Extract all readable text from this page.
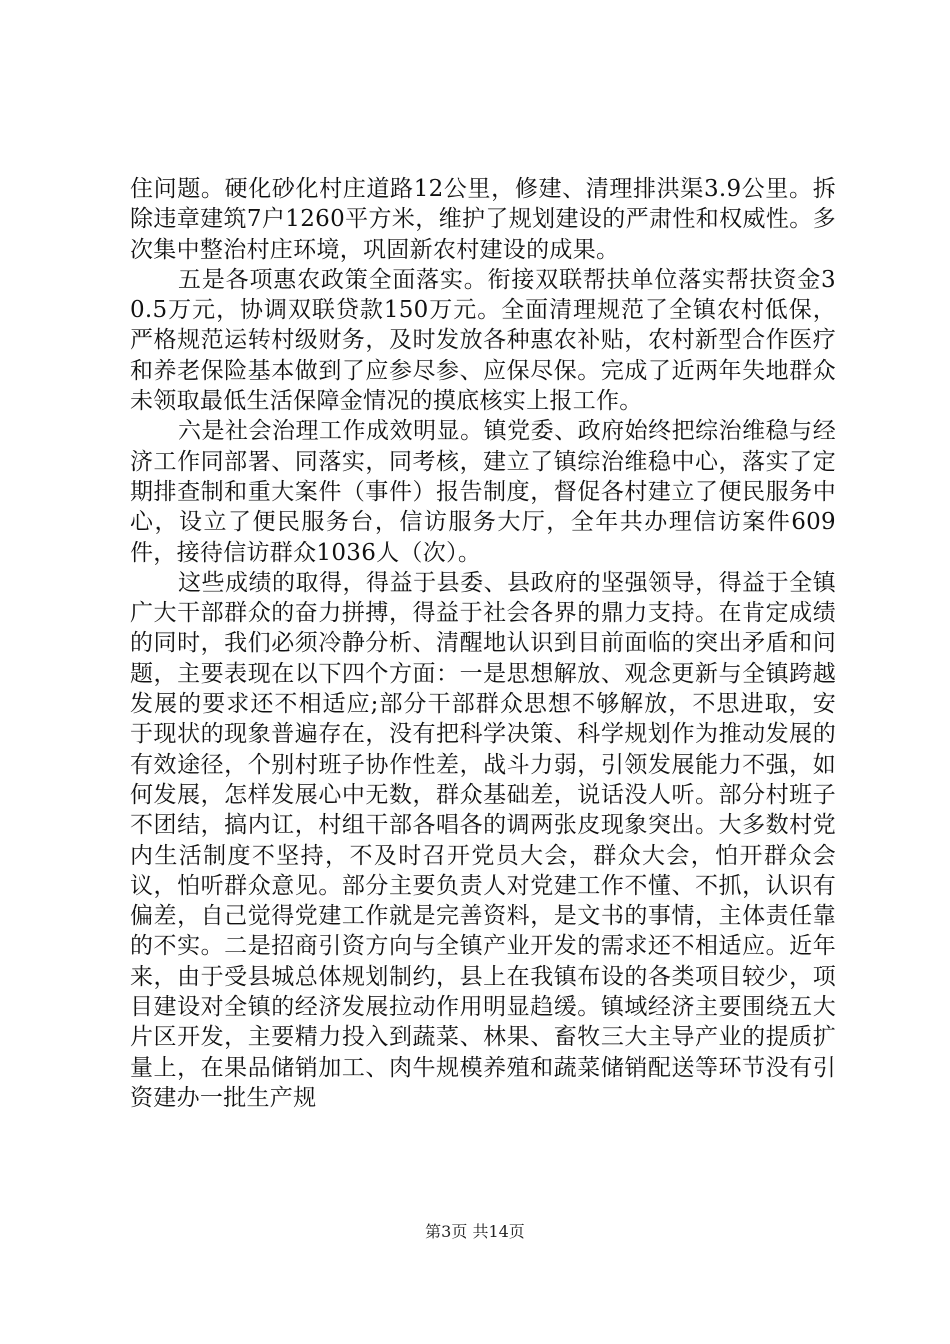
住问题。硬化砂化村庄道路12公里，修建、清理排洪渠3.9公里。拆除违章建筑7户1260平方米，维护了规划建设的严肃性和权威性。多次集中整治村庄环境，巩固新农村建设的成果。

五是各项惠农政策全面落实。衔接双联帮扶单位落实帮扶资金30.5万元，协调双联贷款150万元。全面清理规范了全镇农村低保，严格规范运转村级财务，及时发放各种惠农补贴，农村新型合作医疗和养老保险基本做到了应参尽参、应保尽保。完成了近两年失地群众未领取最低生活保障金情况的摸底核实上报工作。

六是社会治理工作成效明显。镇党委、政府始终把综治维稳与经济工作同部署、同落实，同考核，建立了镇综治维稳中心，落实了定期排查制和重大案件（事件）报告制度，督促各村建立了便民服务中心，设立了便民服务台，信访服务大厅，全年共办理信访案件609件，接待信访群众1036人（次）。

这些成绩的取得，得益于县委、县政府的坚强领导，得益于全镇广大干部群众的奋力拼搏，得益于社会各界的鼎力支持。在肯定成绩的同时，我们必须冷静分析、清醒地认识到目前面临的突出矛盾和问题，主要表现在以下四个方面：一是思想解放、观念更新与全镇跨越发展的要求还不相适应;部分干部群众思想不够解放，不思进取，安于现状的现象普遍存在，没有把科学决策、科学规划作为推动发展的有效途径，个别村班子协作性差，战斗力弱，引领发展能力不强，如何发展，怎样发展心中无数，群众基础差，说话没人听。部分村班子不团结，搞内讧，村组干部各唱各的调两张皮现象突出。大多数村党内生活制度不坚持，不及时召开党员大会，群众大会，怕开群众会议，怕听群众意见。部分主要负责人对党建工作不懂、不抓，认识有偏差，自己觉得党建工作就是完善资料，是文书的事情，主体责任靠的不实。二是招商引资方向与全镇产业开发的需求还不相适应。近年来，由于受县城总体规划制约，县上在我镇布设的各类项目较少，项目建设对全镇的经济发展拉动作用明显趋缓。镇域经济主要围绕五大片区开发，主要精力投入到蔬菜、林果、畜牧三大主导产业的提质扩量上，在果品储销加工、肉牛规模养殖和蔬菜储销配送等环节没有引资建办一批生产规

第3页 共14页
